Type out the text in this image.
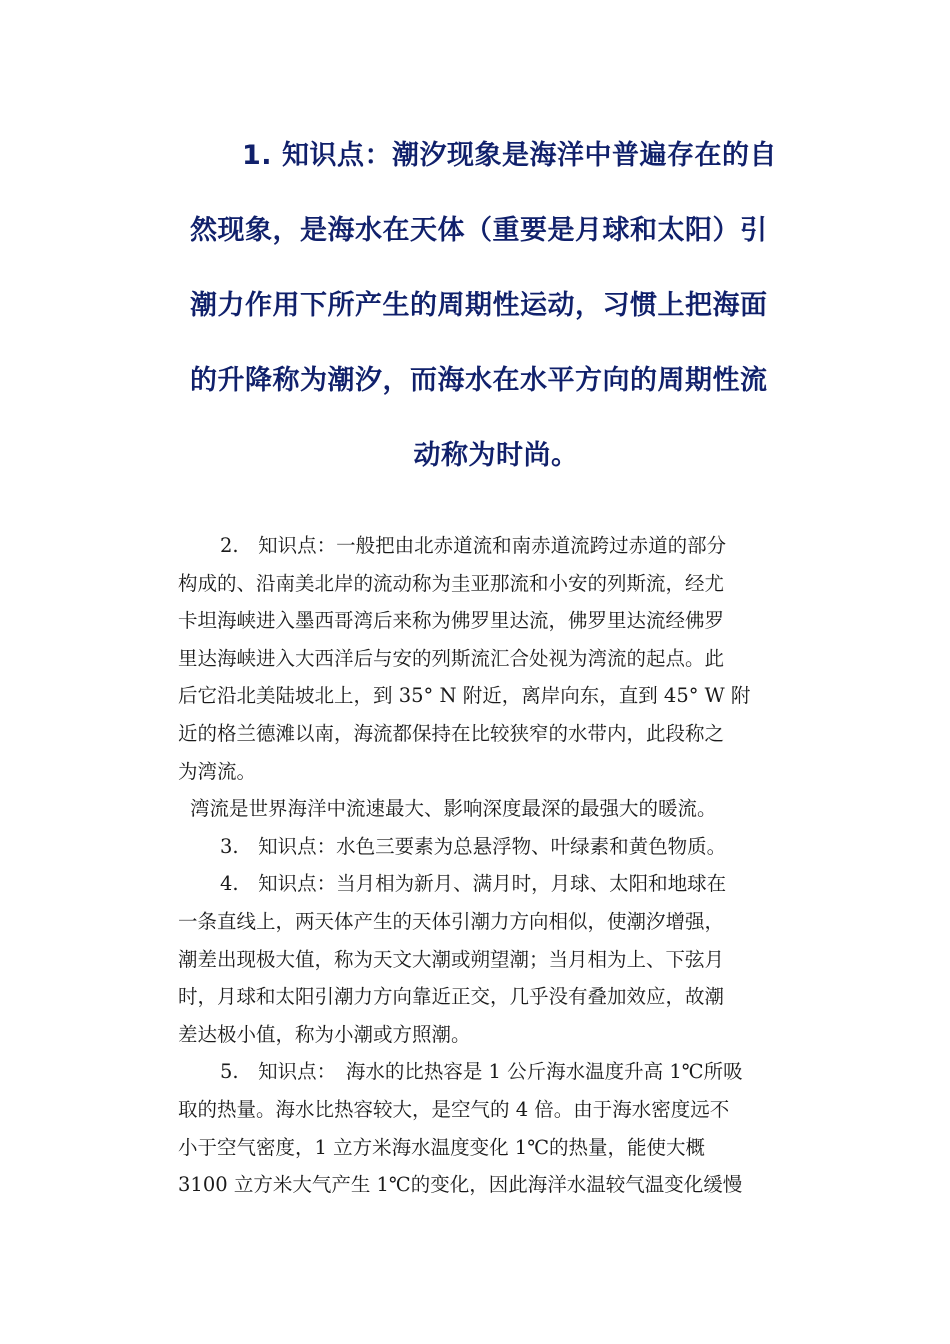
1. 知识点：潮汐现象是海洋中普遍存在的自
然现象，是海水在天体（重要是月球和太阳）引
潮力作用下所产生的周期性运动，习惯上把海面
的升降称为潮汐，而海水在水平方向的周期性流
动称为时尚。
2.　知识点：一般把由北赤道流和南赤道流跨过赤道的部分
构成的、沿南美北岸的流动称为圭亚那流和小安的列斯流，经尤
卡坦海峡进入墨西哥湾后来称为佛罗里达流，佛罗里达流经佛罗
里达海峡进入大西洋后与安的列斯流汇合处视为湾流的起点。此
后它沿北美陆坡北上，到 35° N 附近，离岸向东，直到 45° W 附
近的格兰德滩以南，海流都保持在比较狭窄的水带内，此段称之
为湾流。
湾流是世界海洋中流速最大、影响深度最深的最强大的暖流。
3.　知识点：水色三要素为总悬浮物、叶绿素和黄色物质。
4.　知识点：当月相为新月、满月时，月球、太阳和地球在
一条直线上，两天体产生的天体引潮力方向相似，使潮汐增强，
潮差出现极大值，称为天文大潮或朔望潮；当月相为上、下弦月
时，月球和太阳引潮力方向靠近正交，几乎没有叠加效应，故潮
差达极小值，称为小潮或方照潮。
5.　知识点：　海水的比热容是 1 公斤海水温度升高 1℃所吸
取的热量。海水比热容较大，是空气的 4 倍。由于海水密度远不
小于空气密度，1 立方米海水温度变化 1℃的热量，能使大概
3100 立方米大气产生 1℃的变化，因此海洋水温较气温变化缓慢
